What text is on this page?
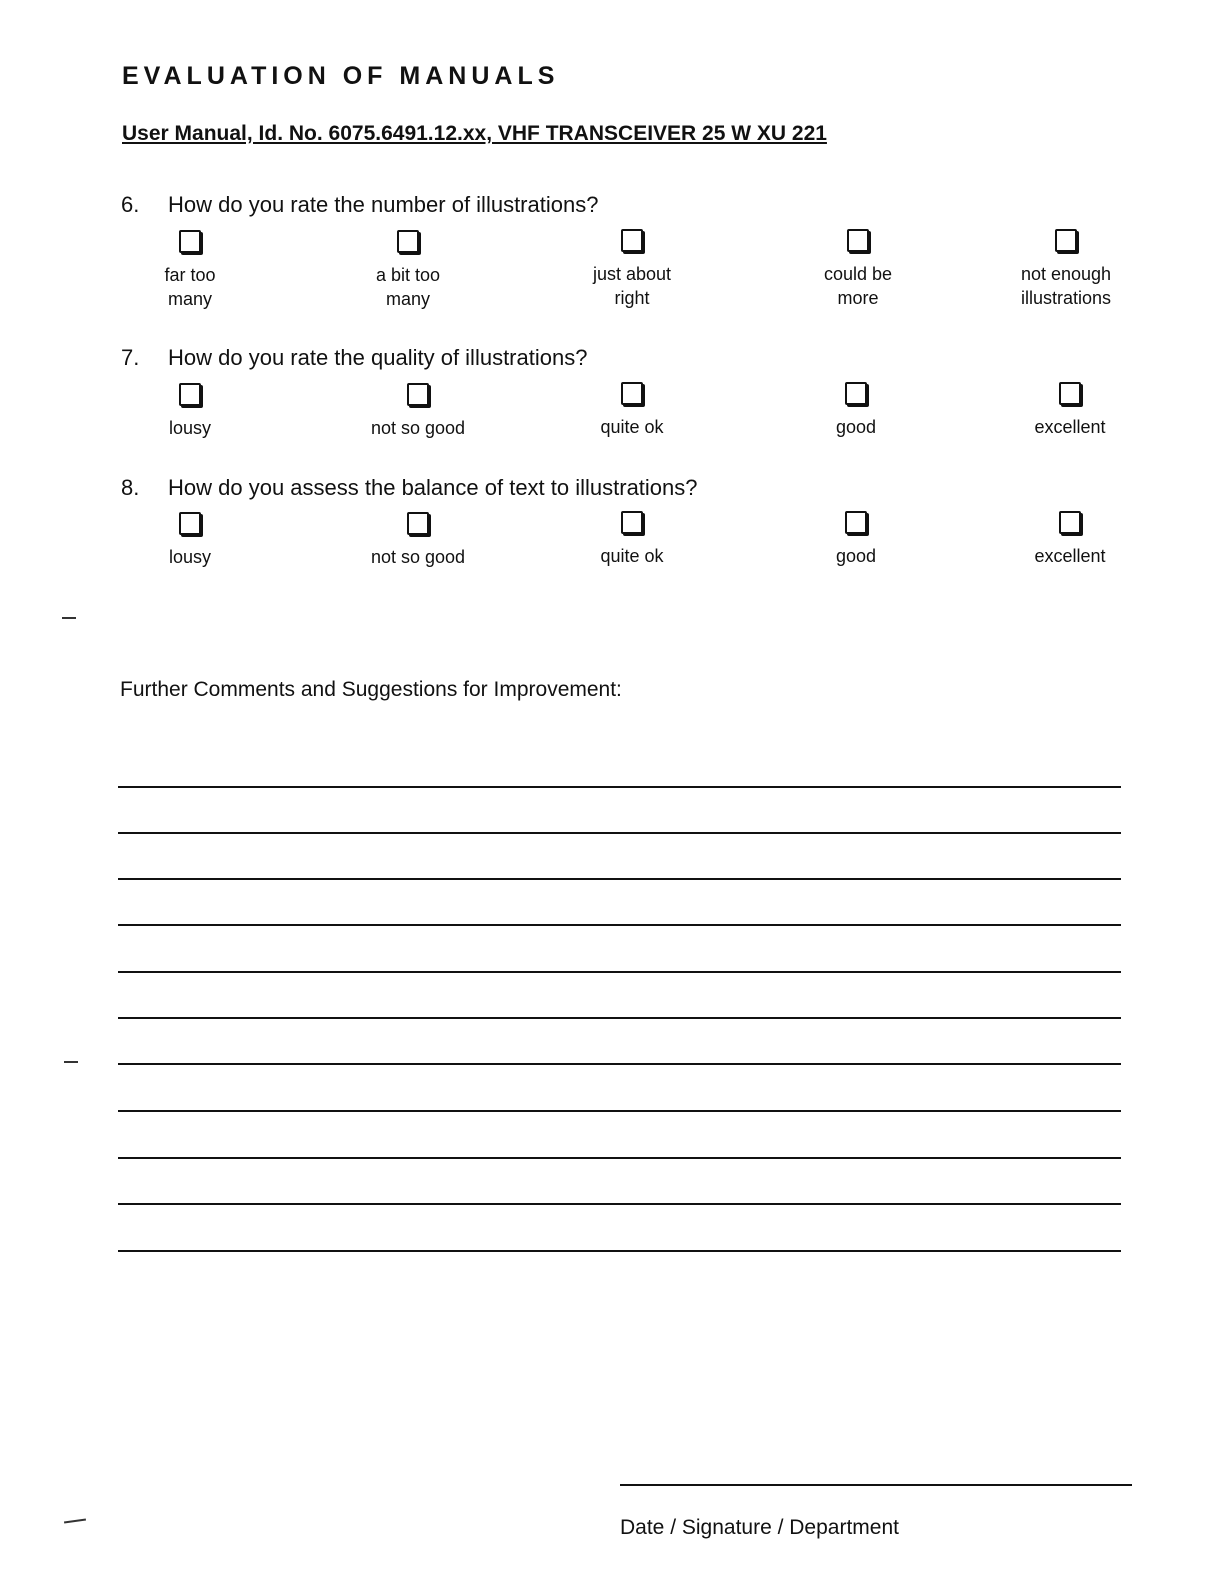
EVALUATION OF MANUALS
User Manual, Id. No. 6075.6491.12.xx, VHF TRANSCEIVER 25 W XU 221
6. How do you rate the number of illustrations?
far too
many
a bit too
many
just about
right
could be
more
not enough
illustrations
7. How do you rate the quality of illustrations?
lousy	not so good	quite ok	good	excellent
8. How do you assess the balance of text to illustrations?
lousy	not so good	quite ok	good	excellent
Further Comments and Suggestions for Improvement:
Date / Signature / Department
